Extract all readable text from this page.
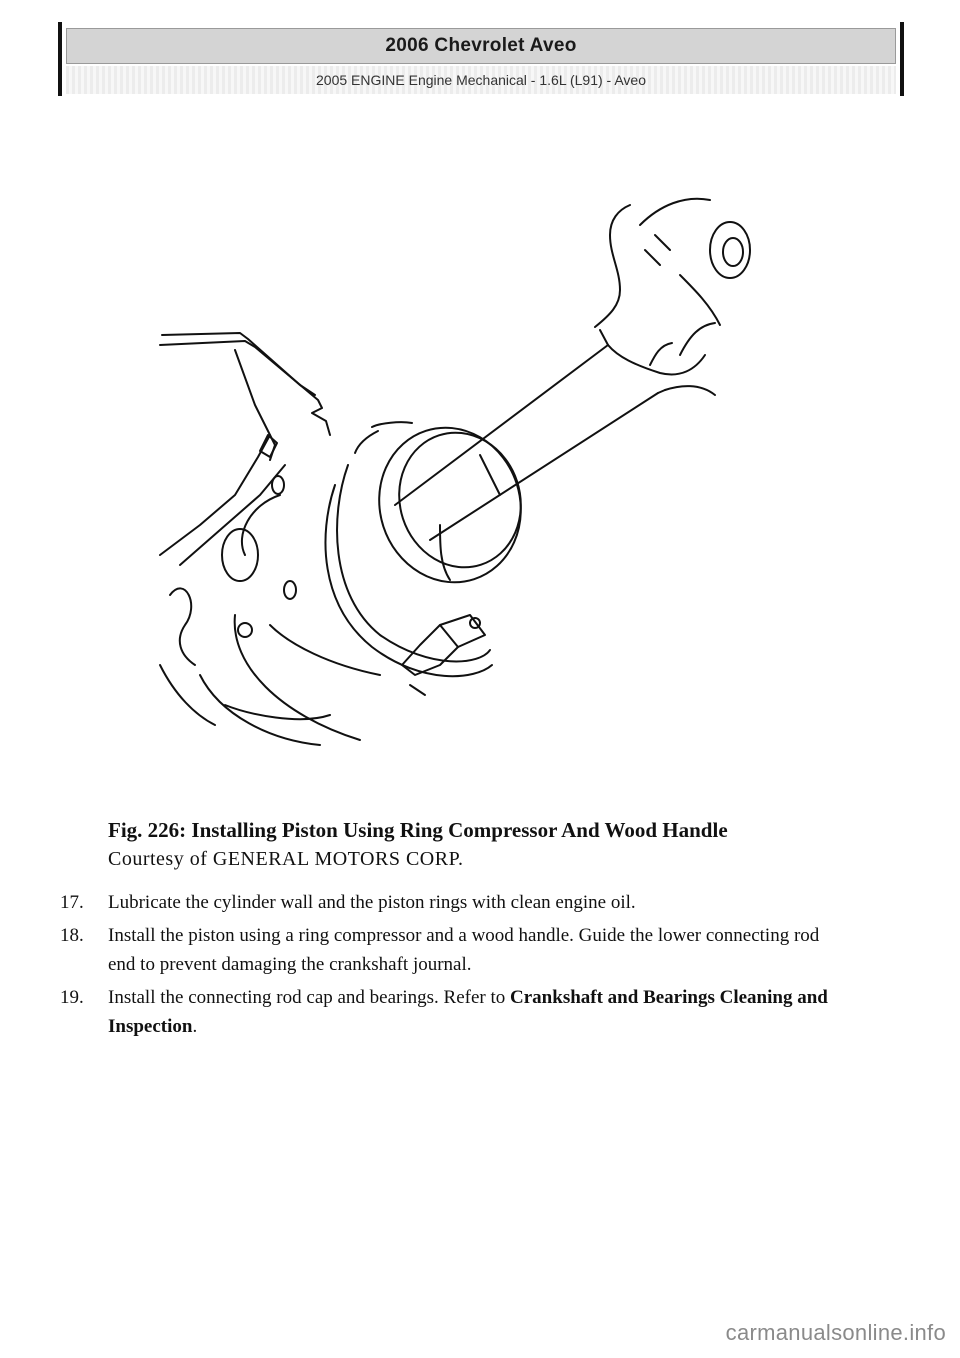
2006 Chevrolet Aveo
2005 ENGINE Engine Mechanical - 1.6L (L91) - Aveo

Fig. 226: Installing Piston Using Ring Compressor And Wood Handle

Courtesy of GENERAL MOTORS CORP.

17.	Lubricate the cylinder wall and the piston rings with clean engine oil.
18.	Install the piston using a ring compressor and a wood handle. Guide the lower connecting rod end to prevent damaging the crankshaft journal.
19.	Install the connecting rod cap and bearings. Refer to Crankshaft and Bearings Cleaning and Inspection.
carmanualsonline.info
